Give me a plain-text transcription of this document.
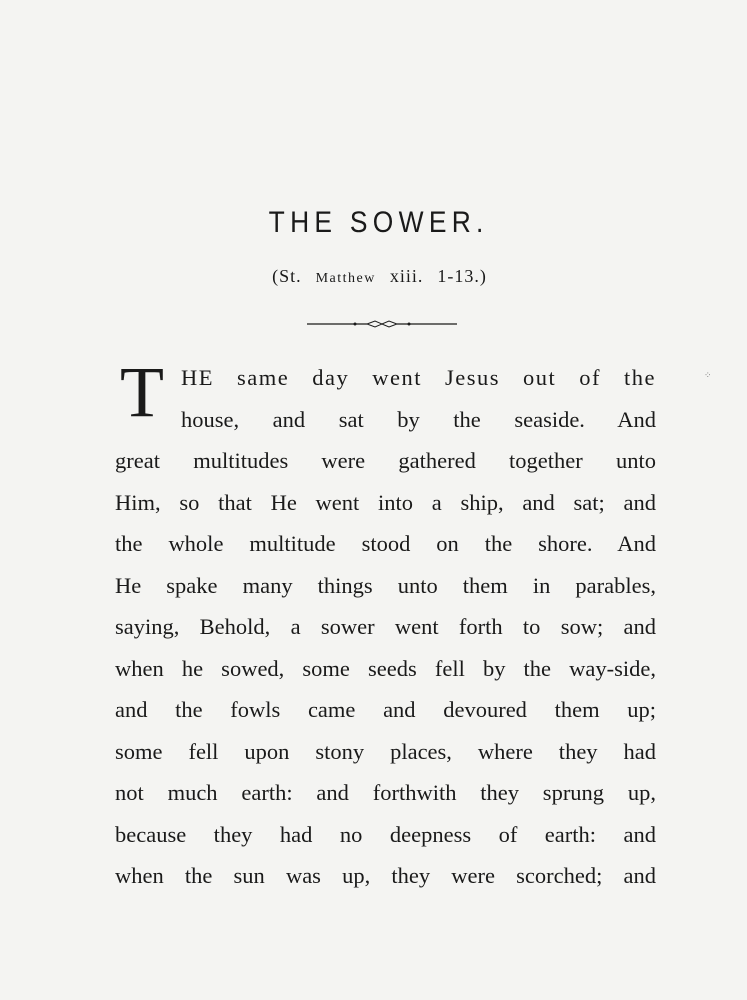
THE SOWER.
(St. Matthew xiii. 1-13.)
⁘
T HE same day went Jesus out of the
house, and sat by the seaside. And
great multitudes were gathered together unto
Him, so that He went into a ship, and sat; and
the whole multitude stood on the shore. And
He spake many things unto them in parables,
saying, Behold, a sower went forth to sow; and
when he sowed, some seeds fell by the way-side,
and the fowls came and devoured them up;
some fell upon stony places, where they had
not much earth: and forthwith they sprung up,
because they had no deepness of earth: and
when the sun was up, they were scorched; and
